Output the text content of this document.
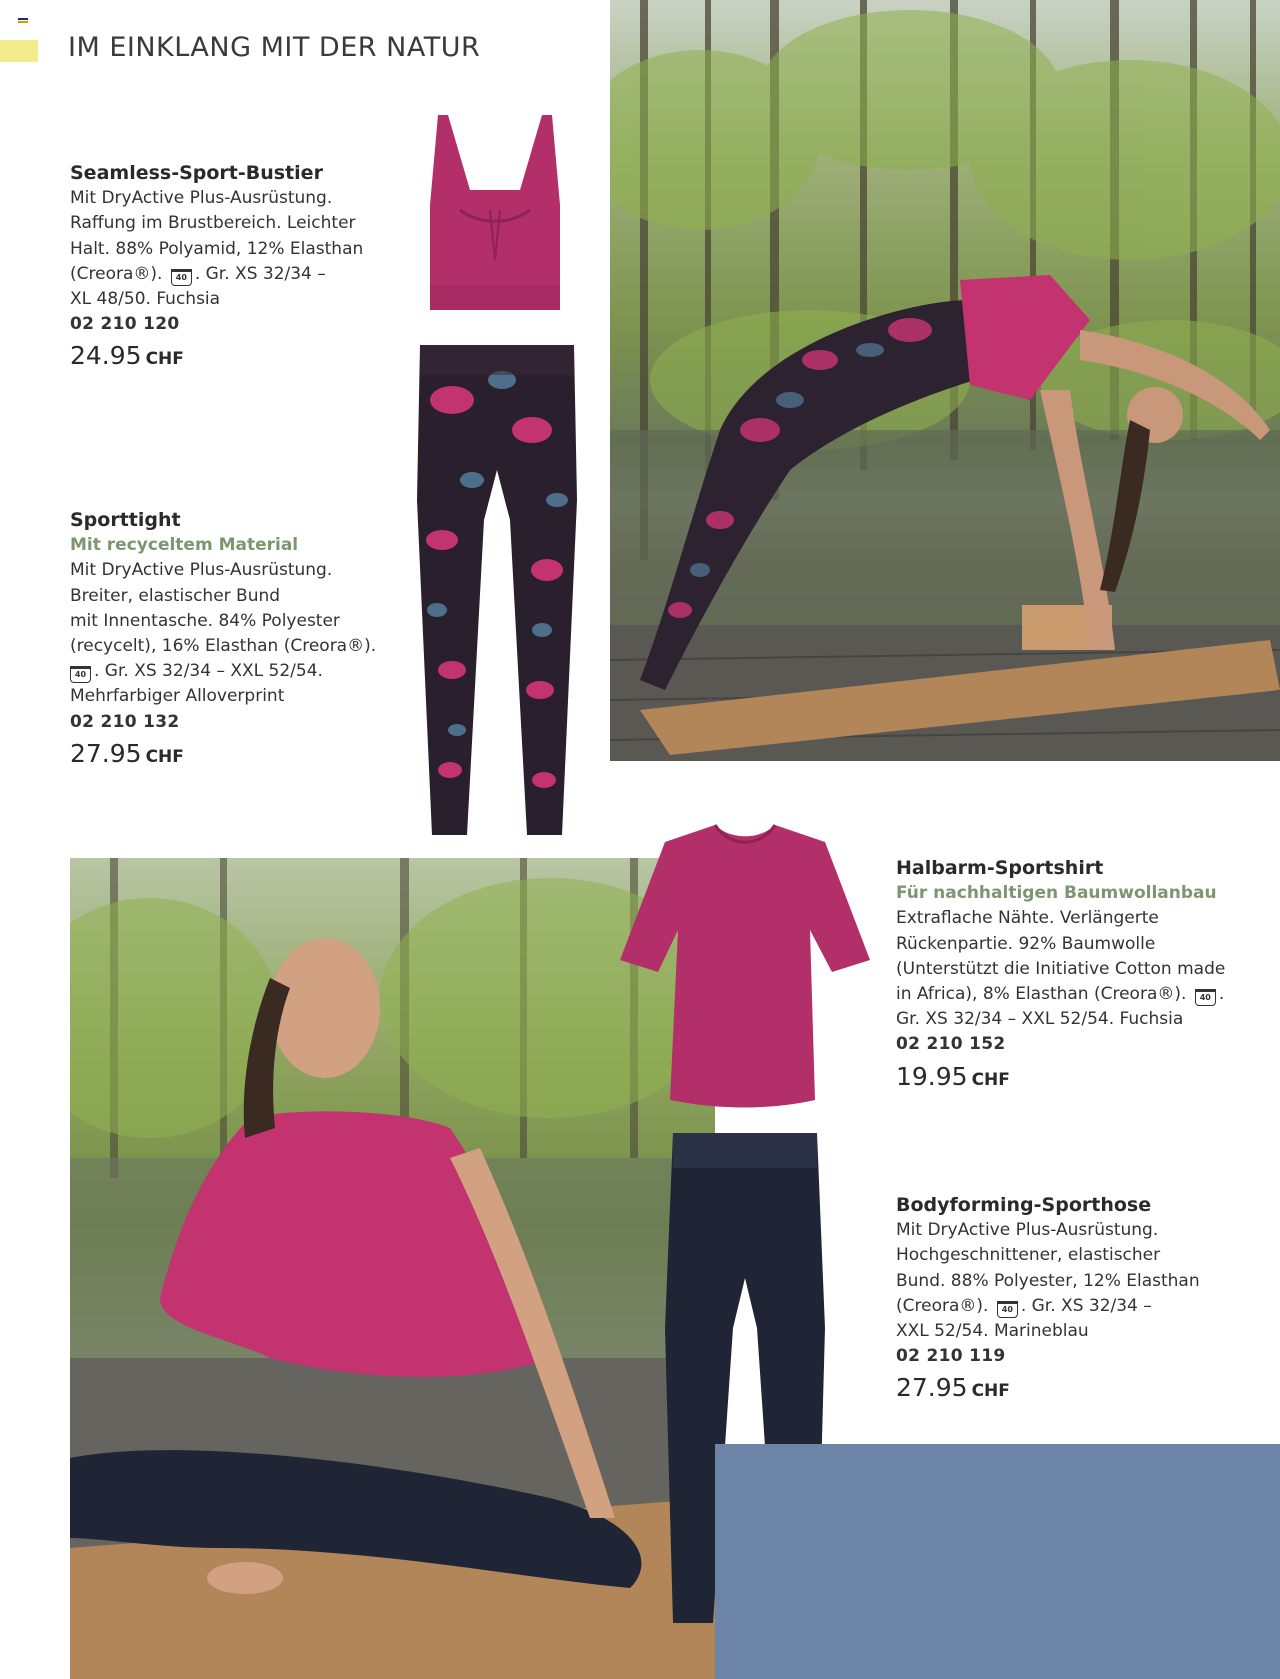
IM EINKLANG MIT DER NATUR
Seamless-Sport-Bustier
Mit DryActive Plus-Ausrüstung.
Raffung im Brustbereich. Leichter
Halt. 88% Polyamid, 12% Elasthan
(Creora®). 40 . Gr. XS 32/34 –
XL 48/50. Fuchsia
02 210 120
24.95 CHF
Sporttight
Mit recyceltem Material
Mit DryActive Plus-Ausrüstung.
Breiter, elastischer Bund
mit Innentasche. 84% Polyester
(recycelt), 16% Elasthan (Creora®).
40 . Gr. XS 32/34 – XXL 52/54.
Mehrfarbiger Alloverprint
02 210 132
27.95 CHF
Halbarm-Sportshirt
Für nachhaltigen Baumwollanbau
Extraflache Nähte. Verlängerte
Rückenpartie. 92% Baumwolle
(Unterstützt die Initiative Cotton made
in Africa), 8% Elasthan (Creora®). 40 .
Gr. XS 32/34 – XXL 52/54. Fuchsia
02 210 152
19.95 CHF
Bodyforming-Sporthose
Mit DryActive Plus-Ausrüstung.
Hochgeschnittener, elastischer
Bund. 88% Polyester, 12% Elasthan
(Creora®). 40 . Gr. XS 32/34 –
XXL 52/54. Marineblau
02 210 119
27.95 CHF
